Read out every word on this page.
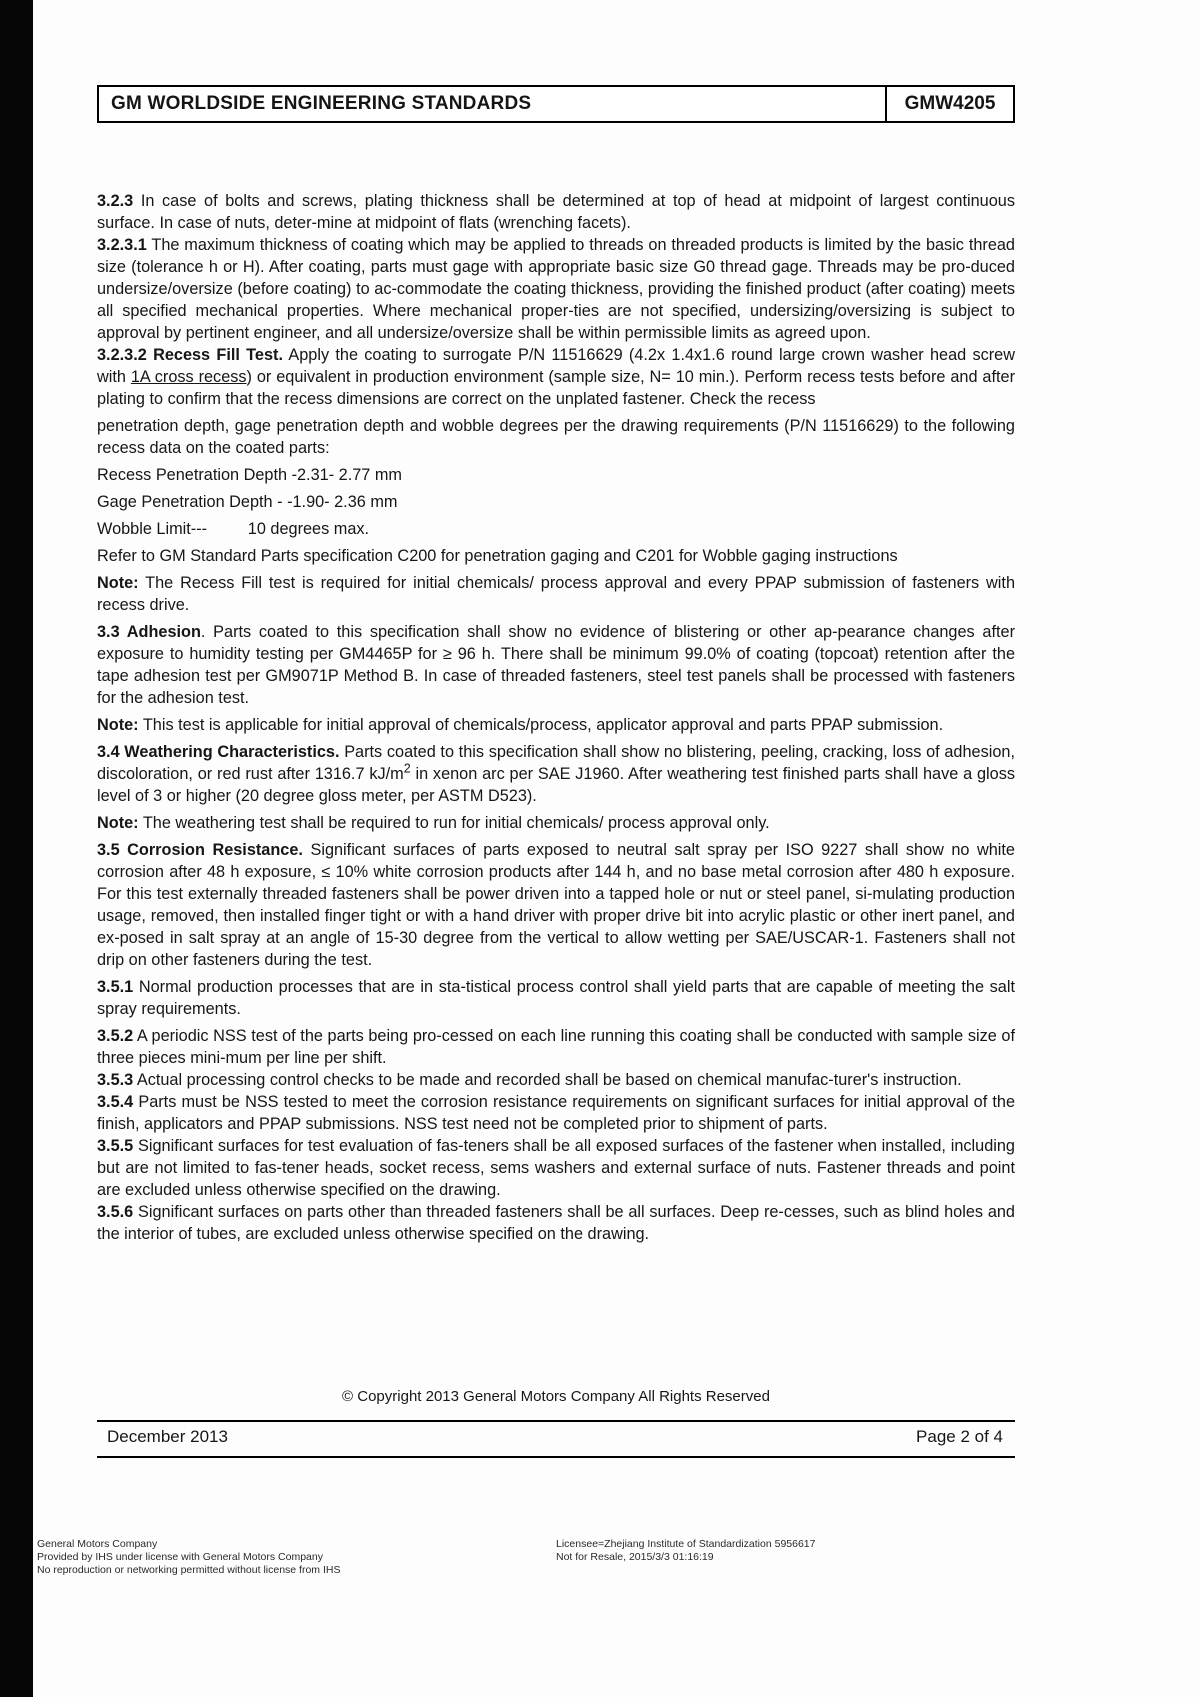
GM WORLDSIDE ENGINEERING STANDARDS	GMW4205

3.2.3 In case of bolts and screws, plating thickness shall be determined at top of head at midpoint of largest continuous surface. In case of nuts, deter-mine at midpoint of flats (wrenching facets).

3.2.3.1 The maximum thickness of coating which may be applied to threads on threaded products is limited by the basic thread size (tolerance h or H). After coating, parts must gage with appropriate basic size G0 thread gage. Threads may be pro-duced undersize/oversize (before coating) to ac-commodate the coating thickness, providing the finished product (after coating) meets all specified mechanical properties. Where mechanical proper-ties are not specified, undersizing/oversizing is subject to approval by pertinent engineer, and all undersize/oversize shall be within permissible limits as agreed upon.

3.2.3.2 Recess Fill Test. Apply the coating to surrogate P/N 11516629 (4.2x 1.4x1.6 round large crown washer head screw with 1A cross recess) or equivalent in production environment (sample size, N= 10 min.). Perform recess tests before and after plating to confirm that the recess dimensions are correct on the unplated fastener. Check the recess

penetration depth, gage penetration depth and wobble degrees per the drawing requirements (P/N 11516629) to the following recess data on the coated parts:

Recess Penetration Depth -2.31- 2.77 mm

Gage Penetration Depth - -1.90- 2.36 mm

Wobble Limit---         10 degrees max.

Refer to GM Standard Parts specification C200 for penetration gaging and C201 for Wobble gaging instructions

Note: The Recess Fill test is required for initial chemicals/ process approval and every PPAP submission of fasteners with recess drive.

3.3 Adhesion. Parts coated to this specification shall show no evidence of blistering or other ap-pearance changes after exposure to humidity testing per GM4465P for ≥ 96 h. There shall be minimum 99.0% of coating (topcoat) retention after the tape adhesion test per GM9071P Method B. In case of threaded fasteners, steel test panels shall be processed with fasteners for the adhesion test.

Note: This test is applicable for initial approval of chemicals/process, applicator approval and parts PPAP submission.

3.4 Weathering Characteristics. Parts coated to this specification shall show no blistering, peeling, cracking, loss of adhesion, discoloration, or red rust after 1316.7 $kJ/m^2$ in xenon arc per SAE J1960. After weathering test finished parts shall have a gloss level of 3 or higher (20 degree gloss meter, per ASTM D523).

Note: The weathering test shall be required to run for initial chemicals/ process approval only.

3.5 Corrosion Resistance. Significant surfaces of parts exposed to neutral salt spray per ISO 9227 shall show no white corrosion after 48 h exposure, ≤ 10% white corrosion products after 144 h, and no base metal corrosion after 480 h exposure. For this test externally threaded fasteners shall be power driven into a tapped hole or nut or steel panel, si-mulating production usage, removed, then installed finger tight or with a hand driver with proper drive bit into acrylic plastic or other inert panel, and ex-posed in salt spray at an angle of 15-30 degree from the vertical to allow wetting per SAE/USCAR-1. Fasteners shall not drip on other fasteners during the test.

3.5.1 Normal production processes that are in sta-tistical process control shall yield parts that are capable of meeting the salt spray requirements.

3.5.2 A periodic NSS test of the parts being pro-cessed on each line running this coating shall be conducted with sample size of three pieces mini-mum per line per shift.

3.5.3 Actual processing control checks to be made and recorded shall be based on chemical manufac-turer's instruction.

3.5.4 Parts must be NSS tested to meet the corrosion resistance requirements on significant surfaces for initial approval of the finish, applicators and PPAP submissions. NSS test need not be completed prior to shipment of parts.

3.5.5 Significant surfaces for test evaluation of fas-teners shall be all exposed surfaces of the fastener when installed, including but are not limited to fas-tener heads, socket recess, sems washers and external surface of nuts. Fastener threads and point are excluded unless otherwise specified on the drawing.

3.5.6 Significant surfaces on parts other than threaded fasteners shall be all surfaces. Deep re-cesses, such as blind holes and the interior of tubes, are excluded unless otherwise specified on the drawing.

© Copyright 2013 General Motors Company All Rights Reserved
December 2013	Page 2 of 4
General Motors Company
Provided by IHS under license with General Motors Company
No reproduction or networking permitted without license from IHS
Licensee=Zhejiang Institute of Standardization 5956617
Not for Resale, 2015/3/3 01:16:19
